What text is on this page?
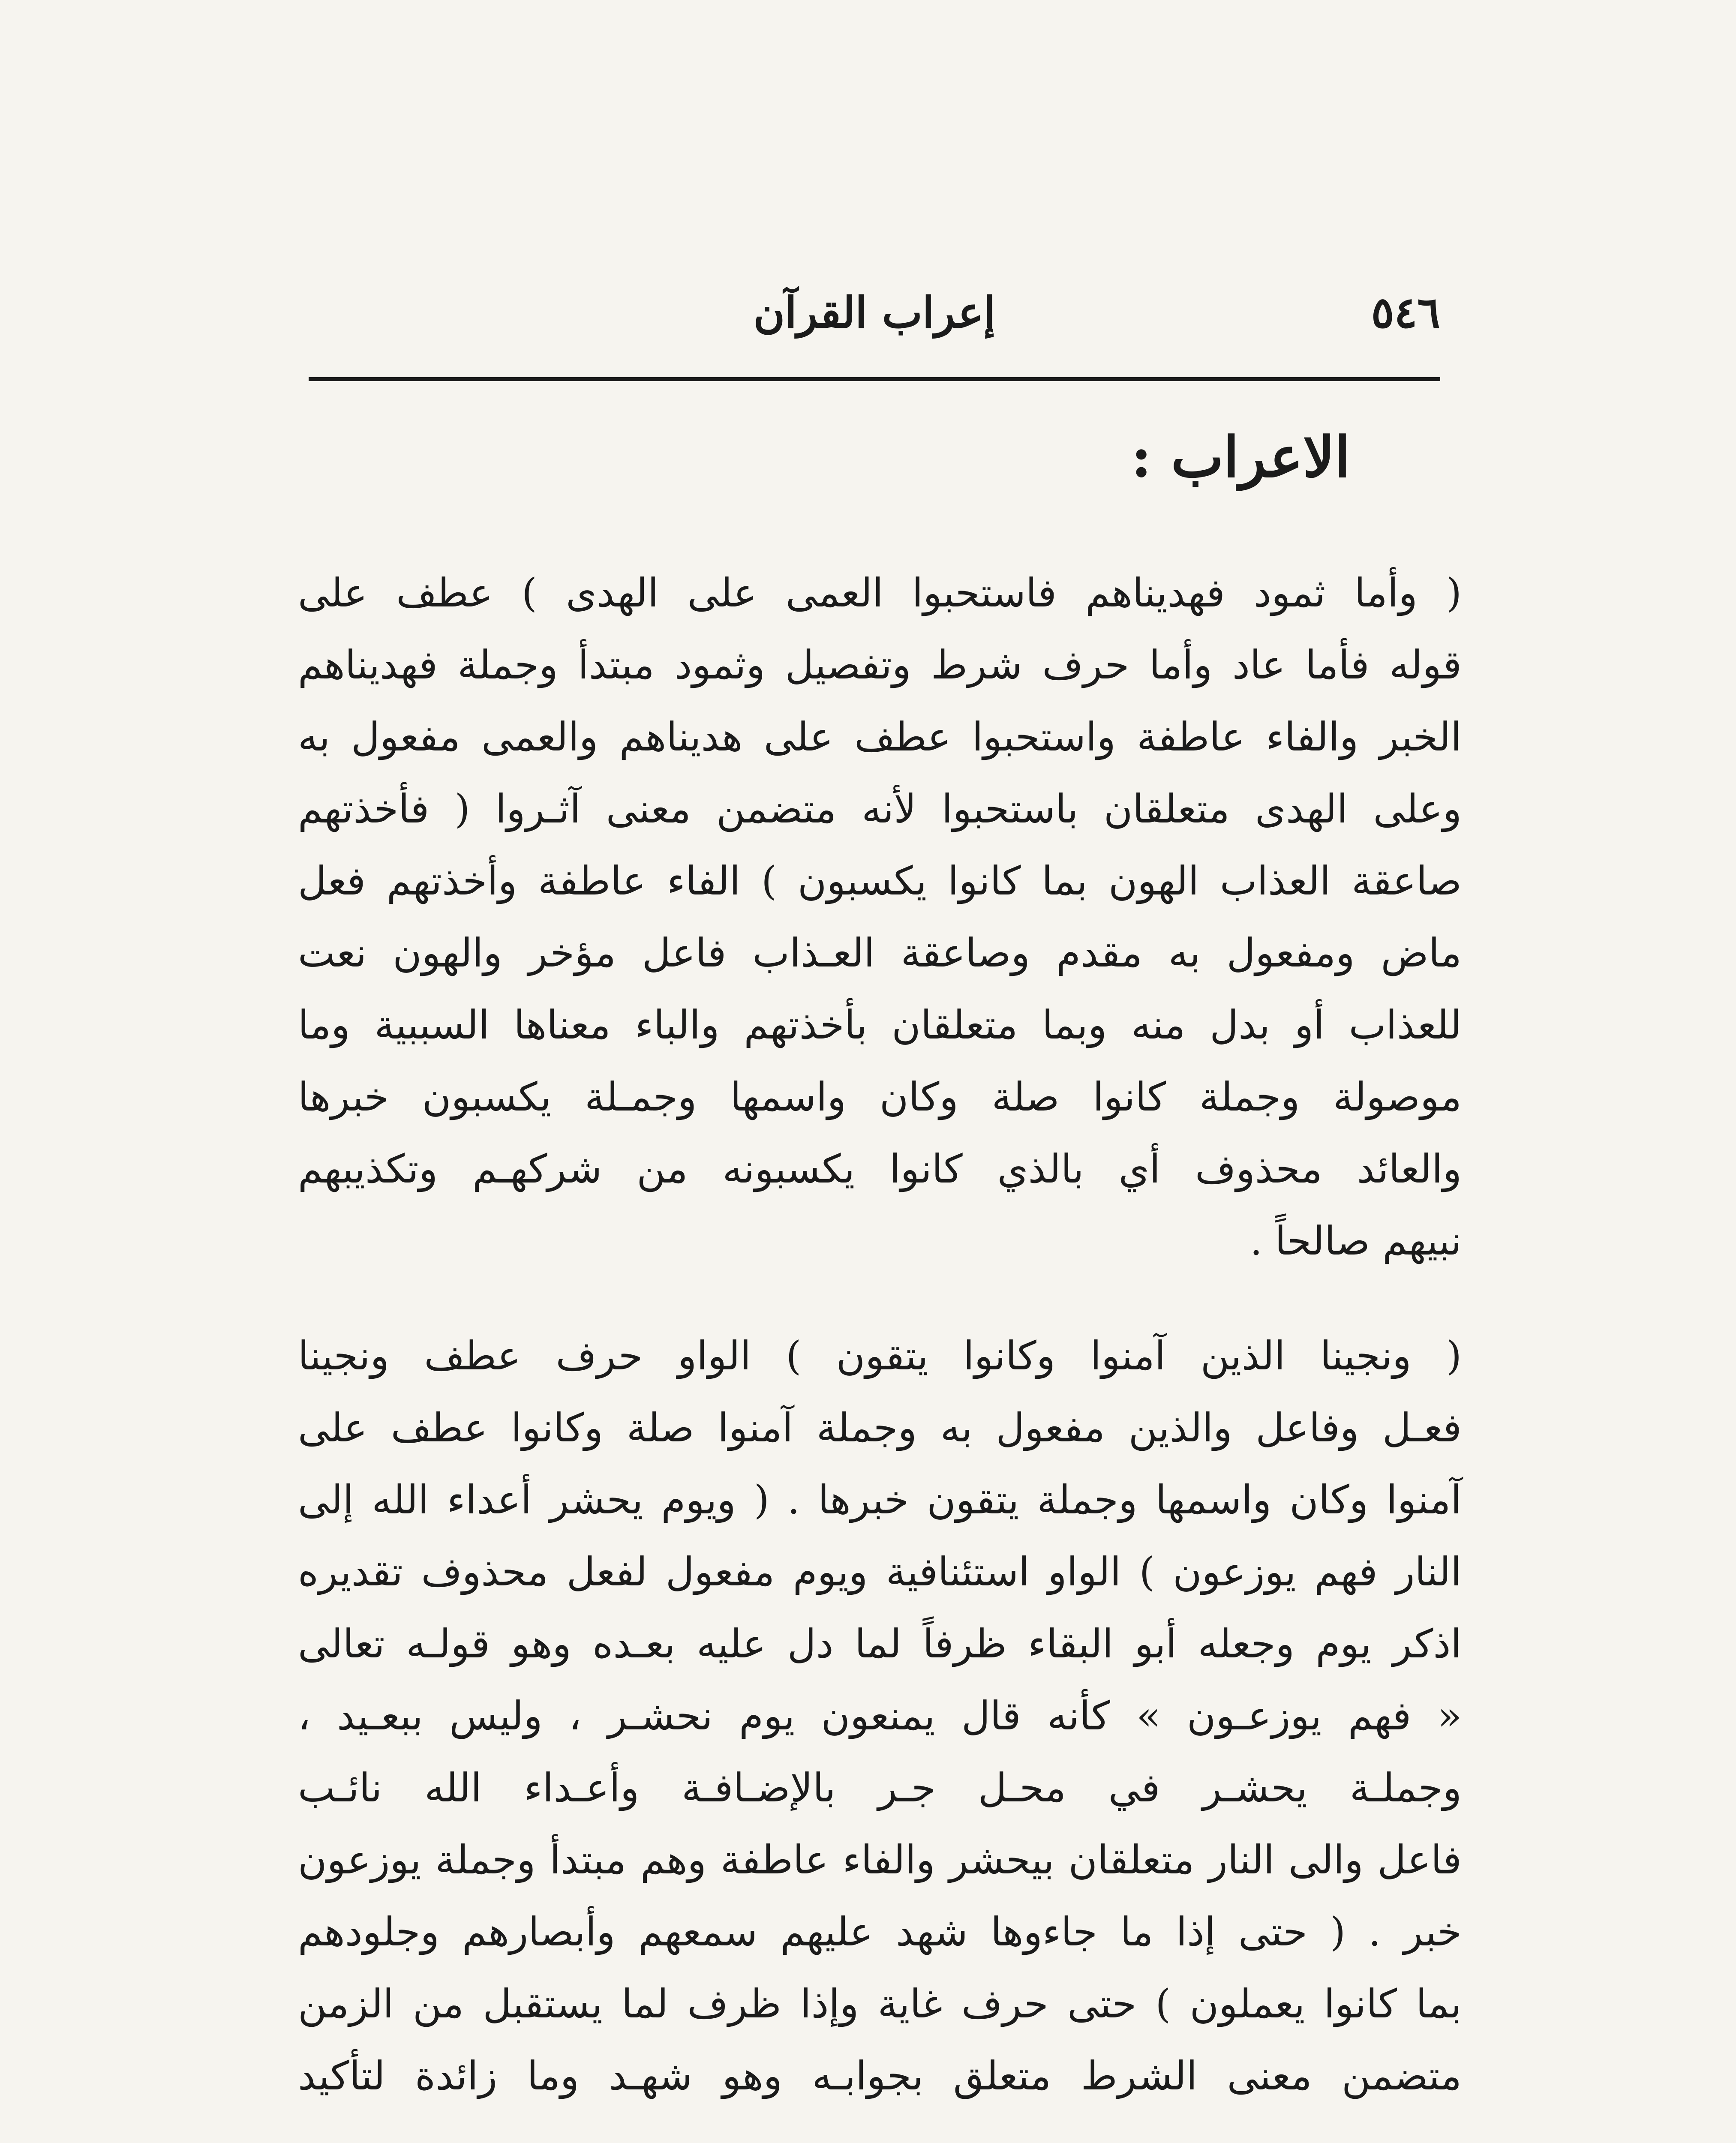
٥٤٦
إعراب القرآن
الاعراب :
( وأما ثمود فهديناهم فاستحبوا العمى على الهدى ) عطف على
قوله فأما عاد وأما حرف شرط وتفصيل وثمود مبتدأ وجملة فهديناهم
الخبر والفاء عاطفة واستحبوا عطف على هديناهم والعمى مفعول به
وعلى الهدى متعلقان باستحبوا لأنه متضمن معنى آثـروا ( فأخذتهم
صاعقة العذاب الهون بما كانوا يكسبون ) الفاء عاطفة وأخذتهم فعل
ماض ومفعول به مقدم وصاعقة العـذاب فاعل مؤخر والهون نعت
للعذاب أو بدل منه وبما متعلقان بأخذتهم والباء معناها السببية وما
موصولة وجملة كانوا صلة وكان واسمها وجمـلة يكسبون خبرها
والعائد محذوف أي بالذي كانوا يكسبونه من شركهـم وتكذيبهم
نبيهم صالحاً .
( ونجينا الذين آمنوا وكانوا يتقون ) الواو حرف عطف ونجينا
فعـل وفاعل والذين مفعول به وجملة آمنوا صلة وكانوا عطف على
آمنوا وكان واسمها وجملة يتقون خبرها . ( ويوم يحشر أعداء الله إلى
النار فهم يوزعون ) الواو استئنافية ويوم مفعول لفعل محذوف تقديره
اذكر يوم وجعله أبو البقاء ظرفاً لما دل عليه بعـده وهو قولـه تعالى
« فهم يوزعـون » كأنه قال يمنعون يوم نحشـر ، وليس ببعـيد ،
وجملـة يحشـر في محـل جـر بالإضـافـة وأعـداء الله نائـب
فاعل والى النار متعلقان بيحشر والفاء عاطفة وهم مبتدأ وجملة يوزعون
خبر . ( حتى إذا ما جاءوها شهد عليهم سمعهم وأبصارهم وجلودهم
بما كانوا يعملون ) حتى حرف غاية وإذا ظرف لما يستقبل من الزمن
متضمن معنى الشرط متعلق بجوابـه وهو شهـد وما زائدة لتأكيد
